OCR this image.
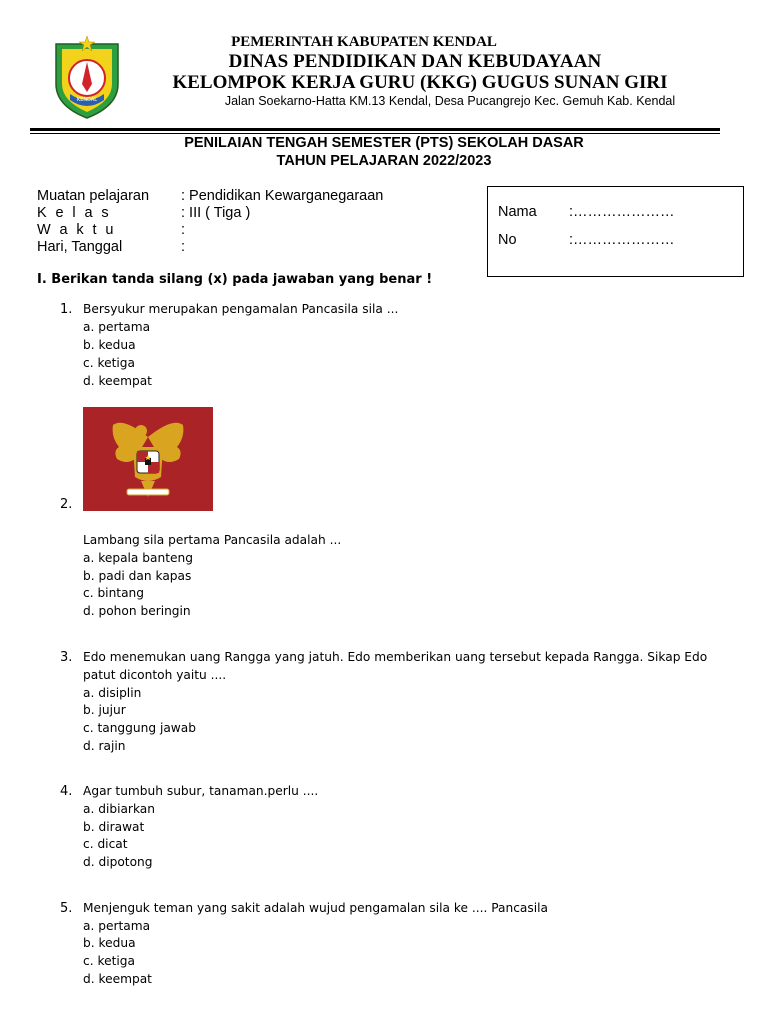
KENDAL
PEMERINTAH KABUPATEN KENDAL
DINAS PENDIDIKAN DAN KEBUDAYAAN
KELOMPOK KERJA GURU (KKG) GUGUS SUNAN GIRI
Jalan Soekarno-Hatta KM.13 Kendal, Desa Pucangrejo Kec. Gemuh Kab. Kendal
PENILAIAN TENGAH SEMESTER (PTS) SEKOLAH DASAR
TAHUN PELAJARAN 2022/2023
Muatan pelajaran	: Pendidikan Kewarganegaraan
K e l a s	: III ( Tiga )
W a k t u	:
Hari, Tanggal	:
Nama	:…………………
No	:…………………
I. Berikan tanda silang (x) pada jawaban yang benar !
1. Bersyukur merupakan pengamalan Pancasila sila ...
a. pertama
b. kedua
c. ketiga
d. keempat
2.
Lambang sila pertama Pancasila adalah ...
a. kepala banteng
b. padi dan kapas
c. bintang
d. pohon beringin
3. Edo menemukan uang Rangga yang jatuh. Edo memberikan uang tersebut kepada Rangga. Sikap Edo
patut dicontoh yaitu ....
a. disiplin
b. jujur
c. tanggung jawab
d. rajin
4. Agar tumbuh subur, tanaman.perlu ....
a. dibiarkan
b. dirawat
c. dicat
d. dipotong
5. Menjenguk teman yang sakit adalah wujud pengamalan sila ke .... Pancasila
a. pertama
b. kedua
c. ketiga
d. keempat
